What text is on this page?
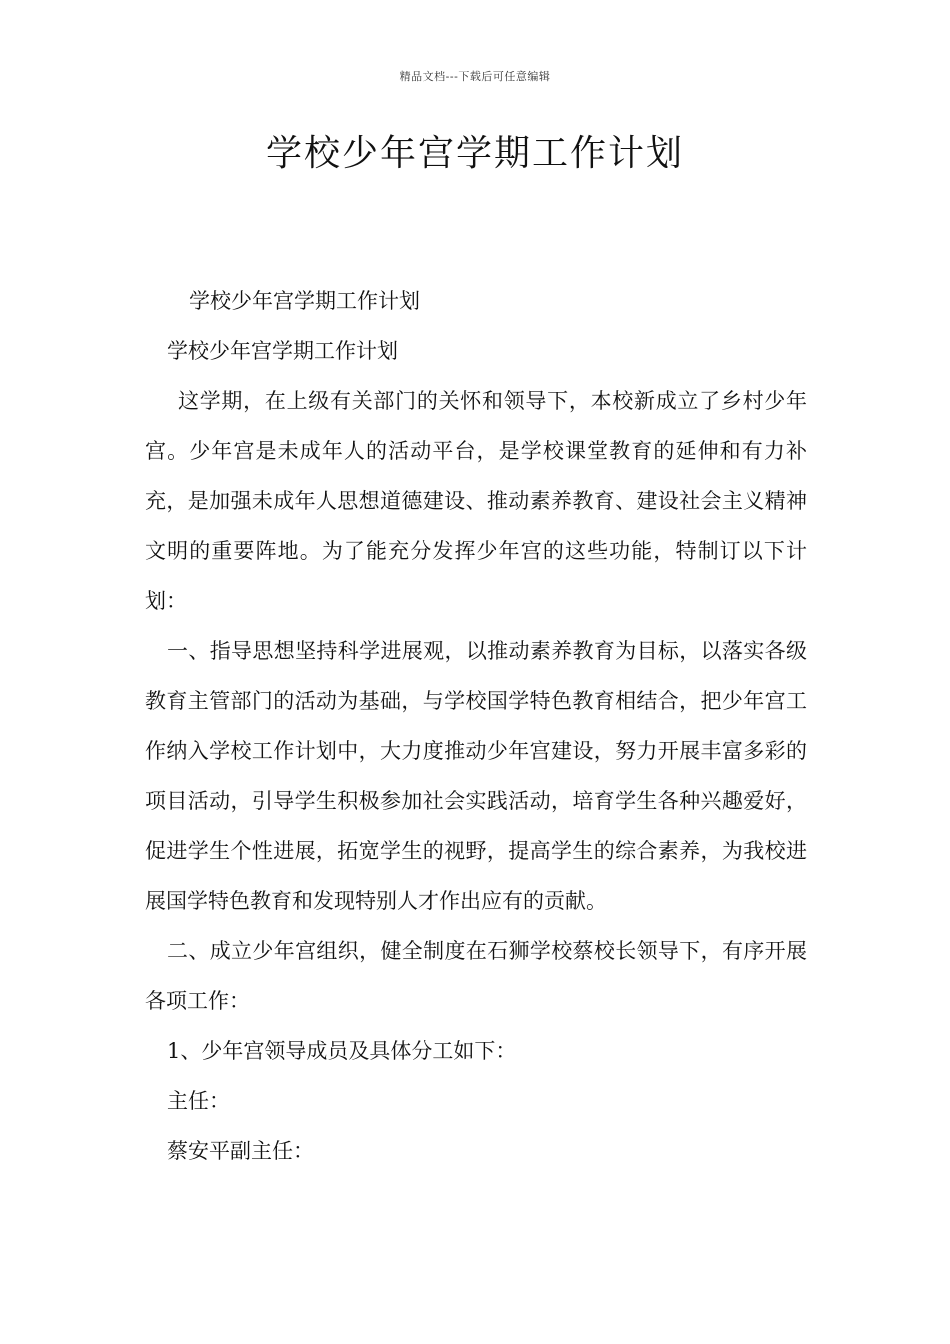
精品文档---下载后可任意编辑
学校少年宫学期工作计划

学校少年宫学期工作计划

学校少年宫学期工作计划

这学期，在上级有关部门的关怀和领导下，本校新成立了乡村少年宫。少年宫是未成年人的活动平台，是学校课堂教育的延伸和有力补充，是加强未成年人思想道德建设、推动素养教育、建设社会主义精神文明的重要阵地。为了能充分发挥少年宫的这些功能，特制订以下计划：

一、指导思想坚持科学进展观，以推动素养教育为目标，以落实各级教育主管部门的活动为基础，与学校国学特色教育相结合，把少年宫工作纳入学校工作计划中，大力度推动少年宫建设，努力开展丰富多彩的项目活动，引导学生积极参加社会实践活动，培育学生各种兴趣爱好，促进学生个性进展，拓宽学生的视野，提高学生的综合素养，为我校进展国学特色教育和发现特别人才作出应有的贡献。

二、成立少年宫组织，健全制度在石狮学校蔡校长领导下，有序开展各项工作：

1、少年宫领导成员及具体分工如下：

主任：

蔡安平副主任：
